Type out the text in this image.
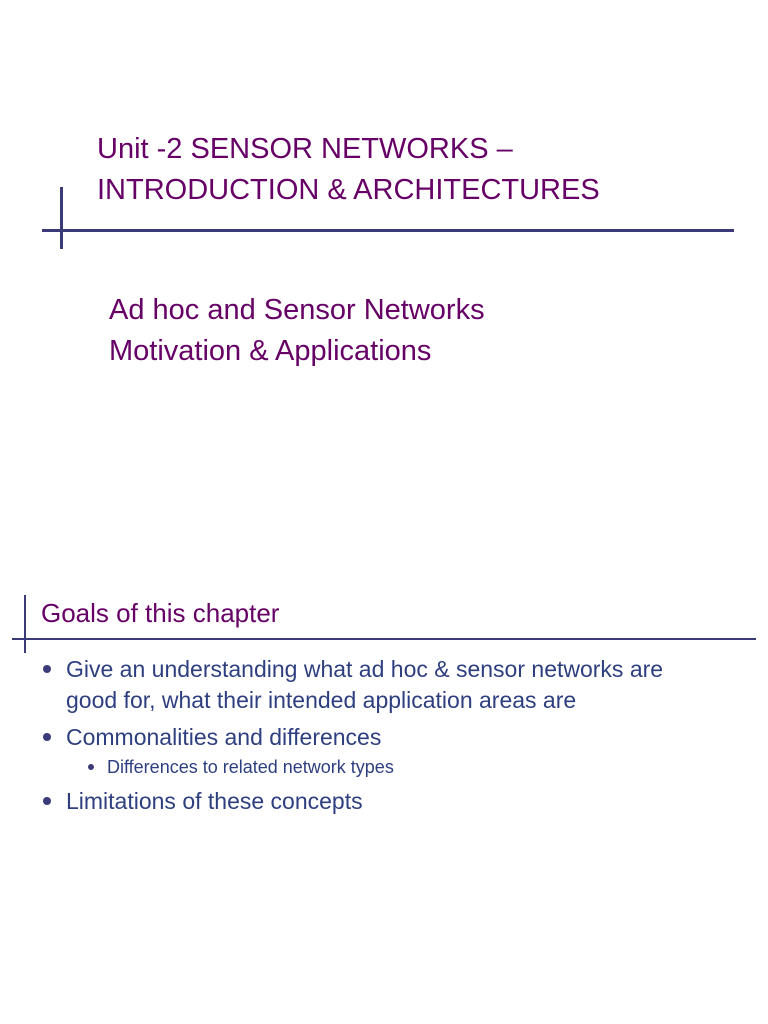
Unit -2 SENSOR NETWORKS –
INTRODUCTION & ARCHITECTURES
Ad hoc and Sensor Networks
Motivation & Applications
Goals of this chapter
Give an understanding what ad hoc & sensor networks are
good for, what their intended application areas are
Commonalities and differences
Differences to related network types
Limitations of these concepts
